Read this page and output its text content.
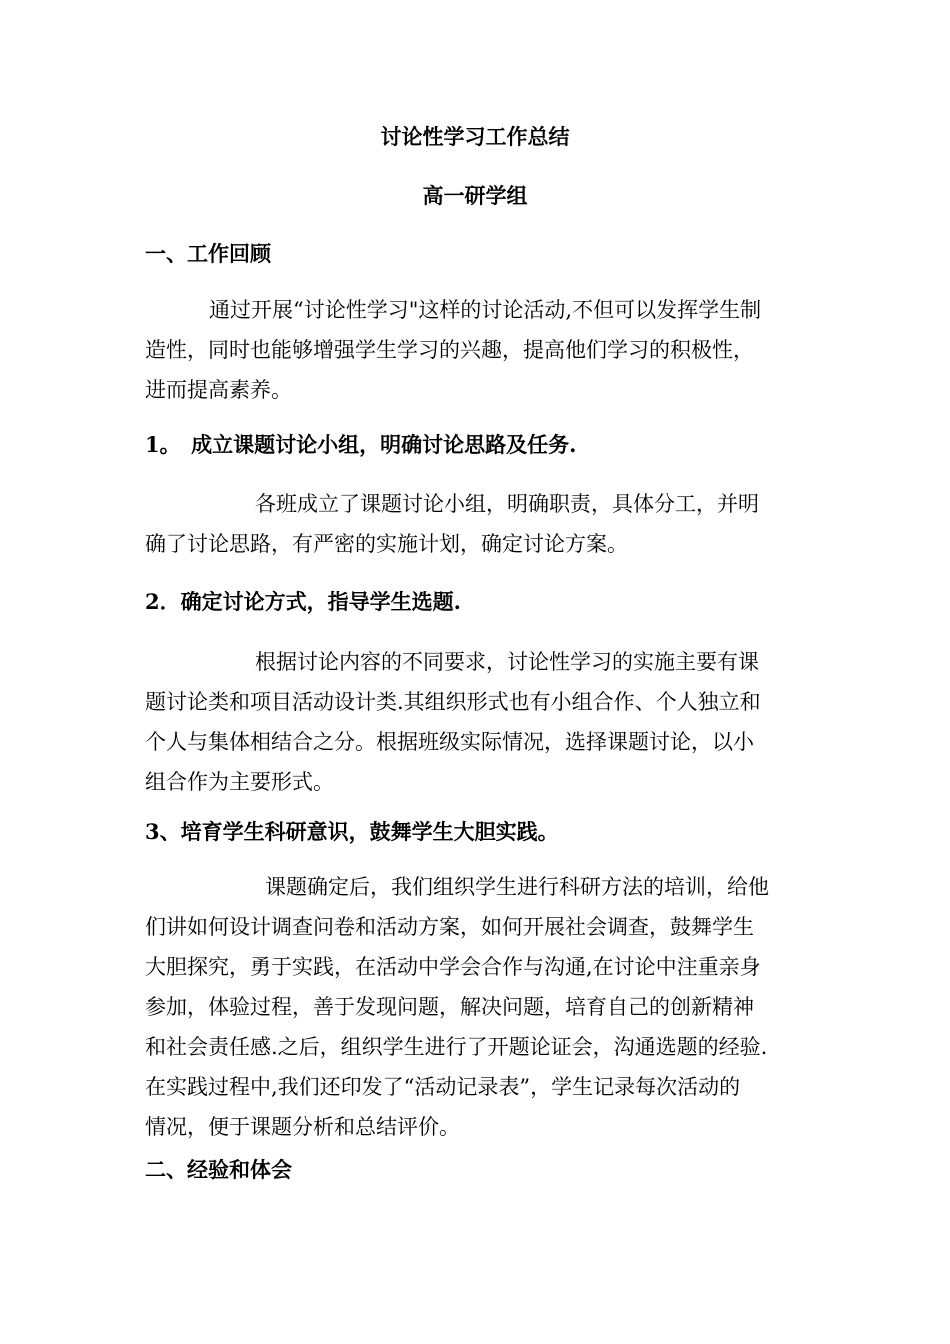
讨论性学习工作总结
高一研学组
一、工作回顾
通过开展“讨论性学习"这样的讨论活动,不但可以发挥学生制
造性，同时也能够增强学生学习的兴趣，提高他们学习的积极性，
进而提高素养。
1。　成立课题讨论小组，明确讨论思路及任务.
各班成立了课题讨论小组，明确职责，具体分工，并明
确了讨论思路，有严密的实施计划，确定讨论方案。
2．确定讨论方式，指导学生选题.
根据讨论内容的不同要求，讨论性学习的实施主要有课
题讨论类和项目活动设计类.其组织形式也有小组合作、个人独立和
个人与集体相结合之分。根据班级实际情况，选择课题讨论，以小
组合作为主要形式。
3、培育学生科研意识，鼓舞学生大胆实践。
课题确定后，我们组织学生进行科研方法的培训，给他
们讲如何设计调查问卷和活动方案，如何开展社会调查，鼓舞学生
大胆探究，勇于实践，在活动中学会合作与沟通,在讨论中注重亲身
参加，体验过程，善于发现问题，解决问题，培育自己的创新精神
和社会责任感.之后，组织学生进行了开题论证会，沟通选题的经验.
在实践过程中,我们还印发了“活动记录表”，学生记录每次活动的
情况，便于课题分析和总结评价。
二、经验和体会
